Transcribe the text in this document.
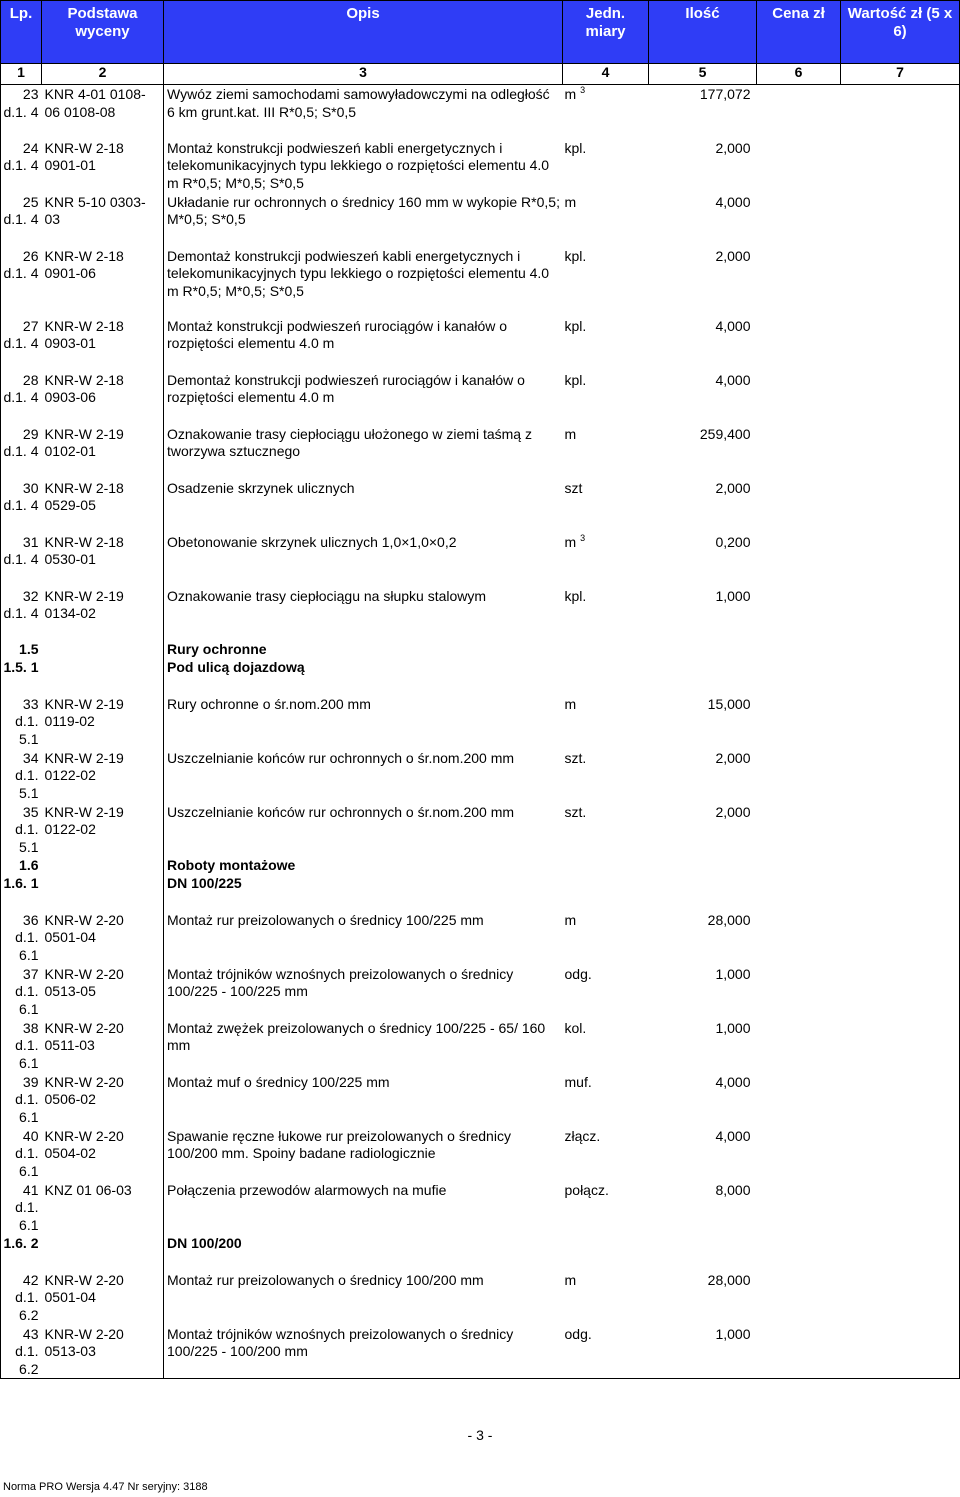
Lp.	Podstawa wyceny	Opis	Jedn. miary	Ilość	Cena zł	Wartość zł (5 x 6)
1	2	3	4	5	6	7
23 d.1. 4	KNR 4-01 0108-06 0108-08	Wywóz ziemi samochodami samowyładowczymi na odległość 6 km grunt.kat. III R*0,5; S*0,5	m $^3$	177,072		
24 d.1. 4	KNR-W 2-18 0901-01	Montaż konstrukcji podwieszeń kabli energetycznych i telekomunikacyjnych typu lekkiego o rozpiętości elementu 4.0 m R*0,5; M*0,5; S*0,5	kpl.	2,000		
25 d.1. 4	KNR 5-10 0303-03	Układanie rur ochronnych o średnicy 160 mm w wykopie R*0,5; M*0,5; S*0,5	m	4,000		
26 d.1. 4	KNR-W 2-18 0901-06	Demontaż konstrukcji podwieszeń kabli energetycznych i telekomunikacyjnych typu lekkiego o rozpiętości elementu 4.0 m R*0,5; M*0,5; S*0,5	kpl.	2,000		
27 d.1. 4	KNR-W 2-18 0903-01	Montaż konstrukcji podwieszeń rurociągów i kanałów o rozpiętości elementu 4.0 m	kpl.	4,000		
28 d.1. 4	KNR-W 2-18 0903-06	Demontaż konstrukcji podwieszeń rurociągów i kanałów o rozpiętości elementu 4.0 m	kpl.	4,000		
29 d.1. 4	KNR-W 2-19 0102-01	Oznakowanie trasy ciepłociągu ułożonego w ziemi taśmą z tworzywa sztucznego	m	259,400		
30 d.1. 4	KNR-W 2-18 0529-05	Osadzenie skrzynek ulicznych	szt	2,000		
31 d.1. 4	KNR-W 2-18 0530-01	Obetonowanie skrzynek ulicznych 1,0×1,0×0,2	m $^3$	0,200		
32 d.1. 4	KNR-W 2-19 0134-02	Oznakowanie trasy ciepłociągu na słupku stalowym	kpl.	1,000		
1.5		Rury ochronne				
1.5. 1		Pod ulicą dojazdową				
33 d.1. 5.1	KNR-W 2-19 0119-02	Rury ochronne o śr.nom.200 mm	m	15,000		
34 d.1. 5.1	KNR-W 2-19 0122-02	Uszczelnianie końców rur ochronnych o śr.nom.200 mm	szt.	2,000		
35 d.1. 5.1	KNR-W 2-19 0122-02	Uszczelnianie końców rur ochronnych o śr.nom.200 mm	szt.	2,000		
1.6		Roboty montażowe				
1.6. 1		DN 100/225				
36 d.1. 6.1	KNR-W 2-20 0501-04	Montaż rur preizolowanych o średnicy 100/225 mm	m	28,000		
37 d.1. 6.1	KNR-W 2-20 0513-05	Montaż trójników wznośnych preizolowanych o średnicy 100/225 - 100/225 mm	odg.	1,000		
38 d.1. 6.1	KNR-W 2-20 0511-03	Montaż zwężek preizolowanych o średnicy 100/225 - 65/ 160 mm	kol.	1,000		
39 d.1. 6.1	KNR-W 2-20 0506-02	Montaż muf o średnicy 100/225 mm	muf.	4,000		
40 d.1. 6.1	KNR-W 2-20 0504-02	Spawanie ręczne łukowe rur preizolowanych o średnicy 100/200 mm. Spoiny badane radiologicznie	złącz.	4,000		
41 d.1. 6.1	KNZ 01 06-03	Połączenia przewodów alarmowych na mufie	połącz.	8,000		
1.6. 2		DN 100/200				
42 d.1. 6.2	KNR-W 2-20 0501-04	Montaż rur preizolowanych o średnicy 100/200 mm	m	28,000		
43 d.1. 6.2	KNR-W 2-20 0513-03	Montaż trójników wznośnych preizolowanych o średnicy 100/225 - 100/200 mm	odg.	1,000		
- 3 -
Norma PRO Wersja 4.47 Nr seryjny: 3188
